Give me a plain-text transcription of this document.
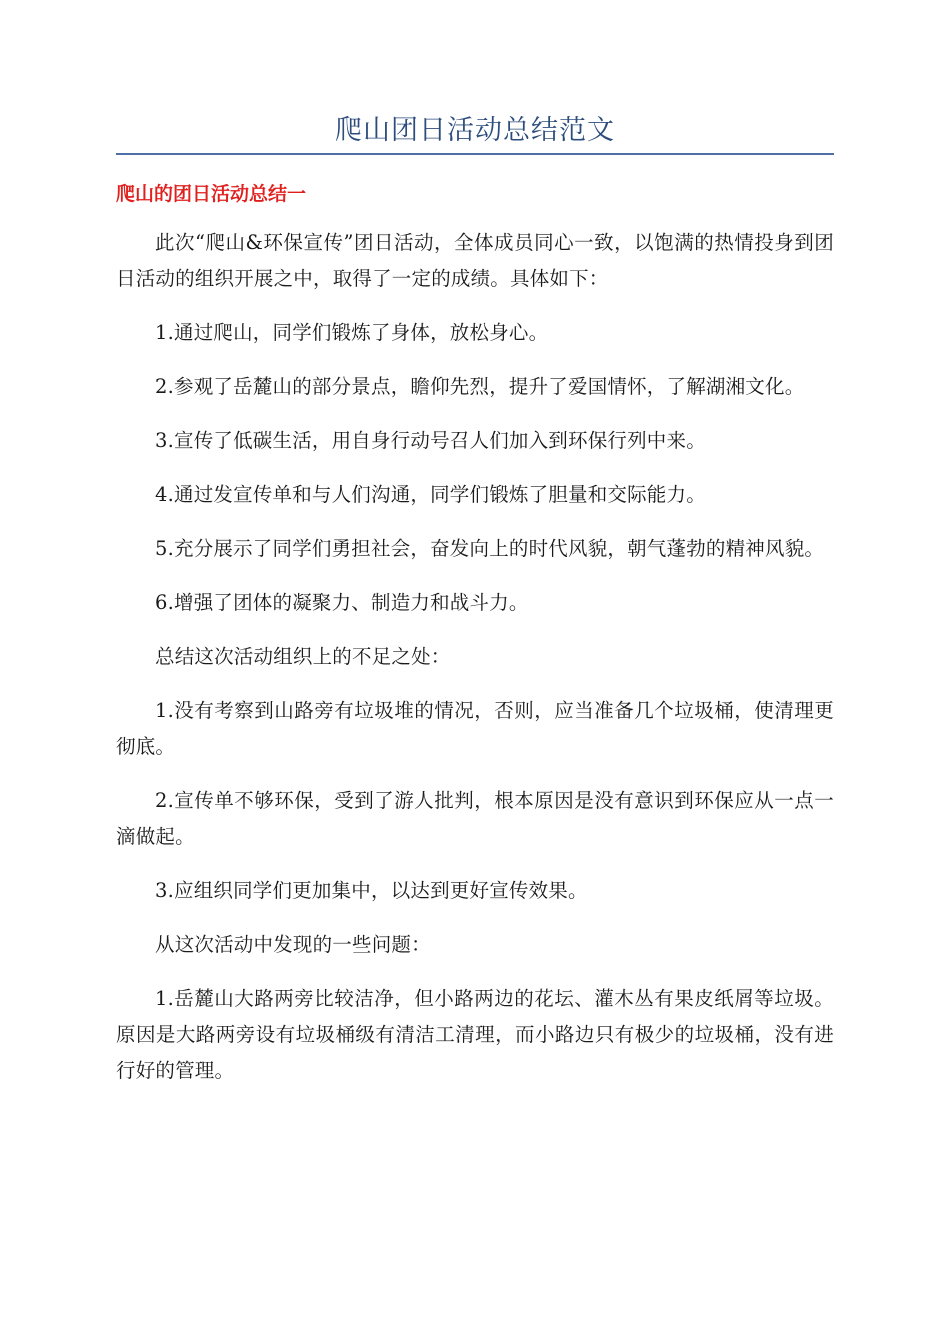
爬山团日活动总结范文
爬山的团日活动总结一

此次“爬山&环保宣传”团日活动，全体成员同心一致，以饱满的热情投身到团日活动的组织开展之中，取得了一定的成绩。具体如下：

1.通过爬山，同学们锻炼了身体，放松身心。

2.参观了岳麓山的部分景点，瞻仰先烈，提升了爱国情怀，了解湖湘文化。

3.宣传了低碳生活，用自身行动号召人们加入到环保行列中来。

4.通过发宣传单和与人们沟通，同学们锻炼了胆量和交际能力。

5.充分展示了同学们勇担社会，奋发向上的时代风貌，朝气蓬勃的精神风貌。

6.增强了团体的凝聚力、制造力和战斗力。

总结这次活动组织上的不足之处：

1.没有考察到山路旁有垃圾堆的情况，否则，应当准备几个垃圾桶，使清理更彻底。

2.宣传单不够环保，受到了游人批判，根本原因是没有意识到环保应从一点一滴做起。

3.应组织同学们更加集中，以达到更好宣传效果。

从这次活动中发现的一些问题：

1.岳麓山大路两旁比较洁净，但小路两边的花坛、灌木丛有果皮纸屑等垃圾。原因是大路两旁设有垃圾桶级有清洁工清理，而小路边只有极少的垃圾桶，没有进行好的管理。
